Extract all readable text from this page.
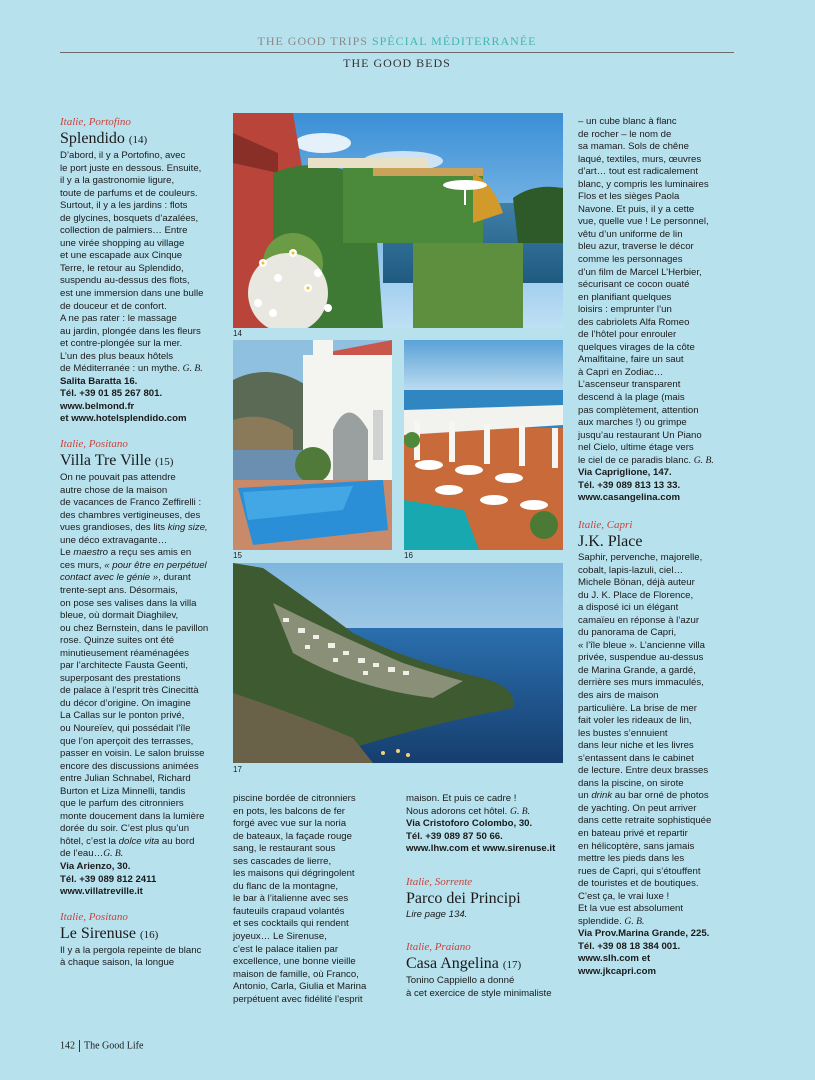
THE GOOD TRIPS SPÉCIAL MÉDITERRANÉE
THE GOOD BEDS

Italie, Portofino

Splendido (14)

D’abord, il y a Portofino, avec

le port juste en dessous. Ensuite,

il y a la gastronomie ligure,

toute de parfums et de couleurs.

Surtout, il y a les jardins : flots

de glycines, bosquets d’azalées,

collection de palmiers… Entre

une virée shopping au village

et une escapade aux Cinque

Terre, le retour au Splendido,

suspendu au-dessus des flots,

est une immersion dans une bulle

de douceur et de confort.

A ne pas rater : le massage

au jardin, plongée dans les fleurs

et contre-plongée sur la mer.

L’un des plus beaux hôtels

de Méditerranée : un mythe. G. B.

Salita Baratta 16.

Tél. +39 01 85 267 801.

www.belmond.fr

et www.hotelsplendido.com

Italie, Positano

Villa Tre Ville (15)

On ne pouvait pas attendre

autre chose de la maison

de vacances de Franco Zeffirelli :

des chambres vertigineuses, des

vues grandioses, des lits king size,

une déco extravagante…

Le maestro a reçu ses amis en

ces murs, « pour être en perpétuel

contact avec le génie », durant

trente-sept ans. Désormais,

on pose ses valises dans la villa

bleue, où dormait Diaghilev,

ou chez Bernstein, dans le pavillon

rose. Quinze suites ont été

minutieusement réaménagées

par l’architecte Fausta Geenti,

superposant des prestations

de palace à l’esprit très Cinecittà

du décor d’origine. On imagine

La Callas sur le ponton privé,

ou Noureïev, qui possédait l’île

que l’on aperçoit des terrasses,

passer en voisin. Le salon bruisse

encore des discussions animées

entre Julian Schnabel, Richard

Burton et Liza Minnelli, tandis

que le parfum des citronniers

monte doucement dans la lumière

dorée du soir. C’est plus qu’un

hôtel, c’est la dolce vita au bord

de l’eau…G. B.

Via Arienzo, 30.

Tél. +39 089 812 2411

www.villatreville.it

Italie, Positano

Le Sirenuse (16)

Il y a la pergola repeinte de blanc

à chaque saison, la longue

14
15	16
17

piscine bordée de citronniers

en pots, les balcons de fer

forgé avec vue sur la noria

de bateaux, la façade rouge

sang, le restaurant sous

ses cascades de lierre,

les maisons qui dégringolent

du flanc de la montagne,

le bar à l’italienne avec ses

fauteuils crapaud volantés

et ses cocktails qui rendent

joyeux… Le Sirenuse,

c’est le palace italien par

excellence, une bonne vieille

maison de famille, où Franco,

Antonio, Carla, Giulia et Marina

perpétuent avec fidélité l’esprit

maison. Et puis ce cadre !

Nous adorons cet hôtel. G. B.

Via Cristoforo Colombo, 30.

Tél. +39 089 87 50 66.

www.lhw.com et www.sirenuse.it

Italie, Sorrente

Parco dei Principi

Lire page 134.

Italie, Praiano

Casa Angelina (17)

Tonino Cappiello a donné

à cet exercice de style minimaliste

– un cube blanc à flanc

de rocher – le nom de

sa maman. Sols de chêne

laqué, textiles, murs, œuvres

d’art… tout est radicalement

blanc, y compris les luminaires

Flos et les sièges Paola

Navone. Et puis, il y a cette

vue, quelle vue ! Le personnel,

vêtu d’un uniforme de lin

bleu azur, traverse le décor

comme les personnages

d’un film de Marcel L’Herbier,

sécurisant ce cocon ouaté

en planifiant quelques

loisirs : emprunter l’un

des cabriolets Alfa Romeo

de l’hôtel pour enrouler

quelques virages de la côte

Amalfitaine, faire un saut

à Capri en Zodiac…

L’ascenseur transparent

descend à la plage (mais

pas complètement, attention

aux marches !) ou grimpe

jusqu’au restaurant Un Piano

nel Cielo, ultime étage vers

le ciel de ce paradis blanc. G. B.

Via Capriglione, 147.

Tél. +39 089 813 13 33.

www.casangelina.com

Italie, Capri

J.K. Place

Saphir, pervenche, majorelle,

cobalt, lapis-lazuli, ciel…

Michele Bönan, déjà auteur

du J. K. Place de Florence,

a disposé ici un élégant

camaïeu en réponse à l’azur

du panorama de Capri,

« l’île bleue ». L’ancienne villa

privée, suspendue au-dessus

de Marina Grande, a gardé,

derrière ses murs immaculés,

des airs de maison

particulière. La brise de mer

fait voler les rideaux de lin,

les bustes s’ennuient

dans leur niche et les livres

s’entassent dans le cabinet

de lecture. Entre deux brasses

dans la piscine, on sirote

un drink au bar orné de photos

de yachting. On peut arriver

dans cette retraite sophistiquée

en bateau privé et repartir

en hélicoptère, sans jamais

mettre les pieds dans les

rues de Capri, qui s’étouffent

de touristes et de boutiques.

C’est ça, le vrai luxe !

Et la vue est absolument

splendide. G. B.

Via Prov.Marina Grande, 225.

Tél. +39 08 18 384 001.

www.slh.com et

www.jkcapri.com

142 The Good Life
